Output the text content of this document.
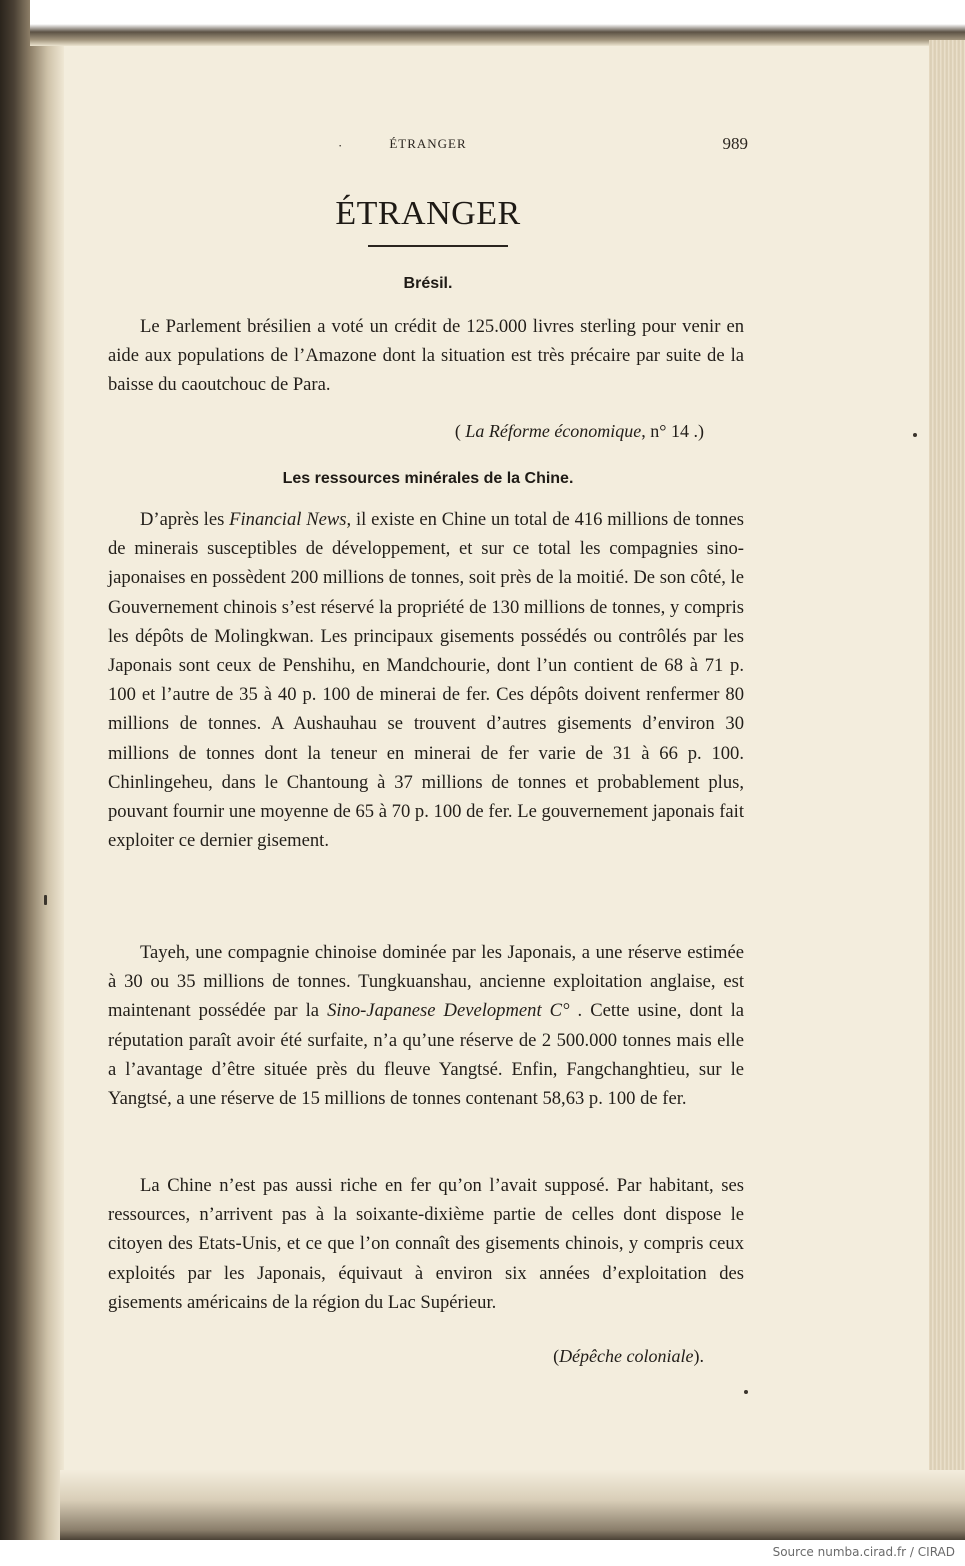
·	ÉTRANGER	989
ÉTRANGER
Brésil.

Le Parlement brésilien a voté un crédit de 125.000 livres sterling pour venir en aide aux populations de l’Amazone dont la situation est très précaire par suite de la baisse du caoutchouc de Para.

( La Réforme économique, n° 14 .)
Les ressources minérales de la Chine.

D’après les Financial News, il existe en Chine un total de 416 millions de tonnes de minerais susceptibles de développement, et sur ce total les compagnies sino-japonaises en possèdent 200 millions de tonnes, soit près de la moitié. De son côté, le Gouvernement chinois s’est réservé la propriété de 130 millions de tonnes, y compris les dépôts de Molingkwan. Les principaux gisements possédés ou contrôlés par les Japonais sont ceux de Penshihu, en Mandchourie, dont l’un contient de 68 à 71 p. 100 et l’autre de 35 à 40 p. 100 de minerai de fer. Ces dépôts doivent renfermer 80 millions de tonnes. A Aushauhau se trouvent d’autres gisements d’environ 30 millions de tonnes dont la teneur en minerai de fer varie de 31 à 66 p. 100. Chinlingeheu, dans le Chantoung à 37 millions de tonnes et probablement plus, pouvant fournir une moyenne de 65 à 70 p. 100 de fer. Le gouvernement japonais fait exploiter ce dernier gisement.

Tayeh, une compagnie chinoise dominée par les Japonais, a une réserve estimée à 30 ou 35 millions de tonnes. Tungkuanshau, ancienne exploitation anglaise, est maintenant possédée par la Sino-Japanese Development C° . Cette usine, dont la réputation paraît avoir été surfaite, n’a qu’une réserve de 2 500.000 tonnes mais elle a l’avantage d’être située près du fleuve Yangtsé. Enfin, Fangchanghtieu, sur le Yangtsé, a une réserve de 15 millions de tonnes contenant 58,63 p. 100 de fer.

La Chine n’est pas aussi riche en fer qu’on l’avait supposé. Par habitant, ses ressources, n’arrivent pas à la soixante-dixième partie de celles dont dispose le citoyen des Etats-Unis, et ce que l’on connaît des gisements chinois, y compris ceux exploités par les Japonais, équivaut à environ six années d’exploitation des gisements américains de la région du Lac Supérieur.

(Dépêche coloniale).
Source numba.cirad.fr / CIRAD
